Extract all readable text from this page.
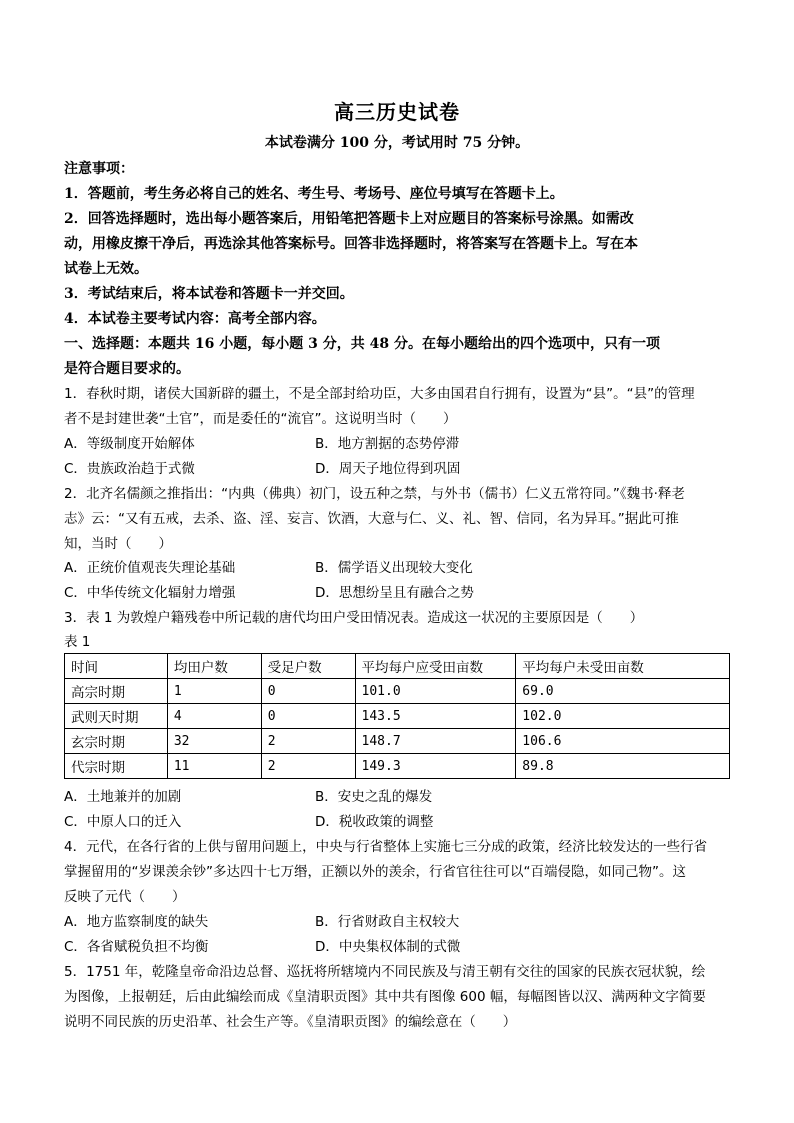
高三历史试卷
本试卷满分 100 分，考试用时 75 分钟。
注意事项：
1．答题前，考生务必将自己的姓名、考生号、考场号、座位号填写在答题卡上。
2．回答选择题时，选出每小题答案后，用铅笔把答题卡上对应题目的答案标号涂黑。如需改
动，用橡皮擦干净后，再选涂其他答案标号。回答非选择题时，将答案写在答题卡上。写在本
试卷上无效。
3．考试结束后，将本试卷和答题卡一并交回。
4．本试卷主要考试内容：高考全部内容。
一、选择题：本题共 16 小题，每小题 3 分，共 48 分。在每小题给出的四个选项中，只有一项
是符合题目要求的。
1．春秋时期，诸侯大国新辟的疆土，不是全部封给功臣，大多由国君自行拥有，设置为“县”。“县”的管理
者不是封建世袭“土官”，而是委任的“流官”。这说明当时（　　）
A．等级制度开始解体	B．地方割据的态势停滞
C．贵族政治趋于式微	D．周天子地位得到巩固
2．北齐名儒颜之推指出：“内典（佛典）初门，设五种之禁，与外书（儒书）仁义五常符同。”《魏书·释老
志》云：“又有五戒，去杀、盗、淫、妄言、饮酒，大意与仁、义、礼、智、信同，名为异耳。”据此可推
知，当时（　　）
A．正统价值观丧失理论基础	B．儒学语义出现较大变化
C．中华传统文化辐射力增强	D．思想纷呈且有融合之势
3．表 1 为敦煌户籍残卷中所记载的唐代均田户受田情况表。造成这一状况的主要原因是（　　）
表 1
时间	均田户数	受足户数	平均每户应受田亩数	平均每户未受田亩数
高宗时期	1	0	101.0	69.0
武则天时期	4	0	143.5	102.0
玄宗时期	32	2	148.7	106.6
代宗时期	11	2	149.3	89.8
A．土地兼并的加剧	B．安史之乱的爆发
C．中原人口的迁入	D．税收政策的调整
4．元代，在各行省的上供与留用问题上，中央与行省整体上实施七三分成的政策，经济比较发达的一些行省
掌握留用的“岁课羡余钞”多达四十七万缗，正额以外的羡余，行省官往往可以“百端侵隐，如同己物”。这
反映了元代（　　）
A．地方监察制度的缺失	B．行省财政自主权较大
C．各省赋税负担不均衡	D．中央集权体制的式微
5．1751 年，乾隆皇帝命沿边总督、巡抚将所辖境内不同民族及与清王朝有交往的国家的民族衣冠状貌，绘
为图像，上报朝廷，后由此编绘而成《皇清职贡图》其中共有图像 600 幅，每幅图皆以汉、满两种文字简要
说明不同民族的历史沿革、社会生产等。《皇清职贡图》的编绘意在（　　）
